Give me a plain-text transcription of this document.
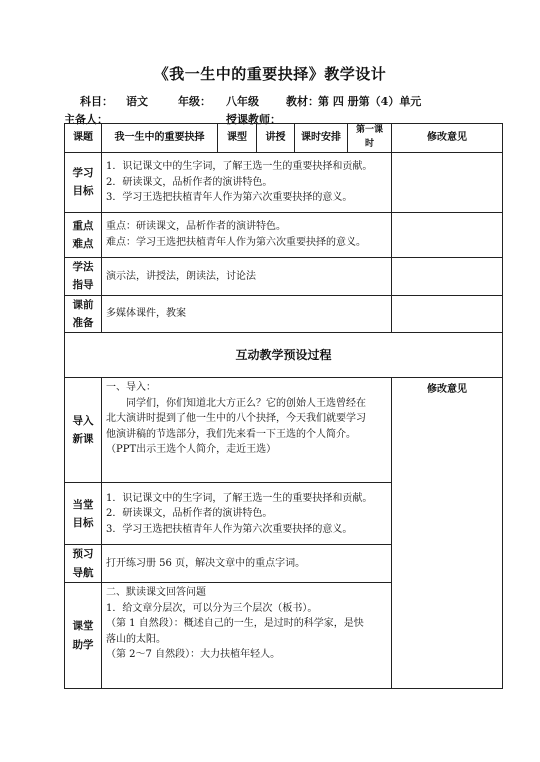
《我一生中的重要抉择》教学设计
科目： 语文	年级： 八年级 教材： 第 四 册第（4）单元
主备人：	授课教师：
课题	我一生中的重要抉择	课型	讲授	课时安排	第一课时	修改意见
学习目标	1．识记课文中的生字词，了解王选一生的重要抉择和贡献。
2．研读课文，品析作者的演讲特色。
3．学习王选把扶植青年人作为第六次重要抉择的意义。					

重点难点	重点：研读课文，品析作者的演讲特色。
难点：学习王选把扶植青年人作为第六次重要抉择的意义。					

学法指导	演示法，讲授法，朗读法，讨论法					
课前准备	多媒体课件，教案					
互动教学预设过程						
导入新课	一、导入：
同学们，你们知道北大方正么？它的创始人王选曾经在
北大演讲时提到了他一生中的八个抉择，今天我们就要学习
他演讲稿的节选部分，我们先来看一下王选的个人简介。
（PPT出示王选个人简介，走近王选）					修改意见
当堂目标	1．识记课文中的生字词，了解王选一生的重要抉择和贡献。
2．研读课文，品析作者的演讲特色。
3．学习王选把扶植青年人作为第六次重要抉择的意义。					

预习导航	打开练习册 56 页，解决文章中的重点字词。					
课堂助学	二、默读课文回答问题
1．给文章分层次，可以分为三个层次（板书）。
（第 1 自然段）：概述自己的一生，是过时的科学家，是快
落山的太阳。
（第 2～7 自然段）：大力扶植年轻人。					
